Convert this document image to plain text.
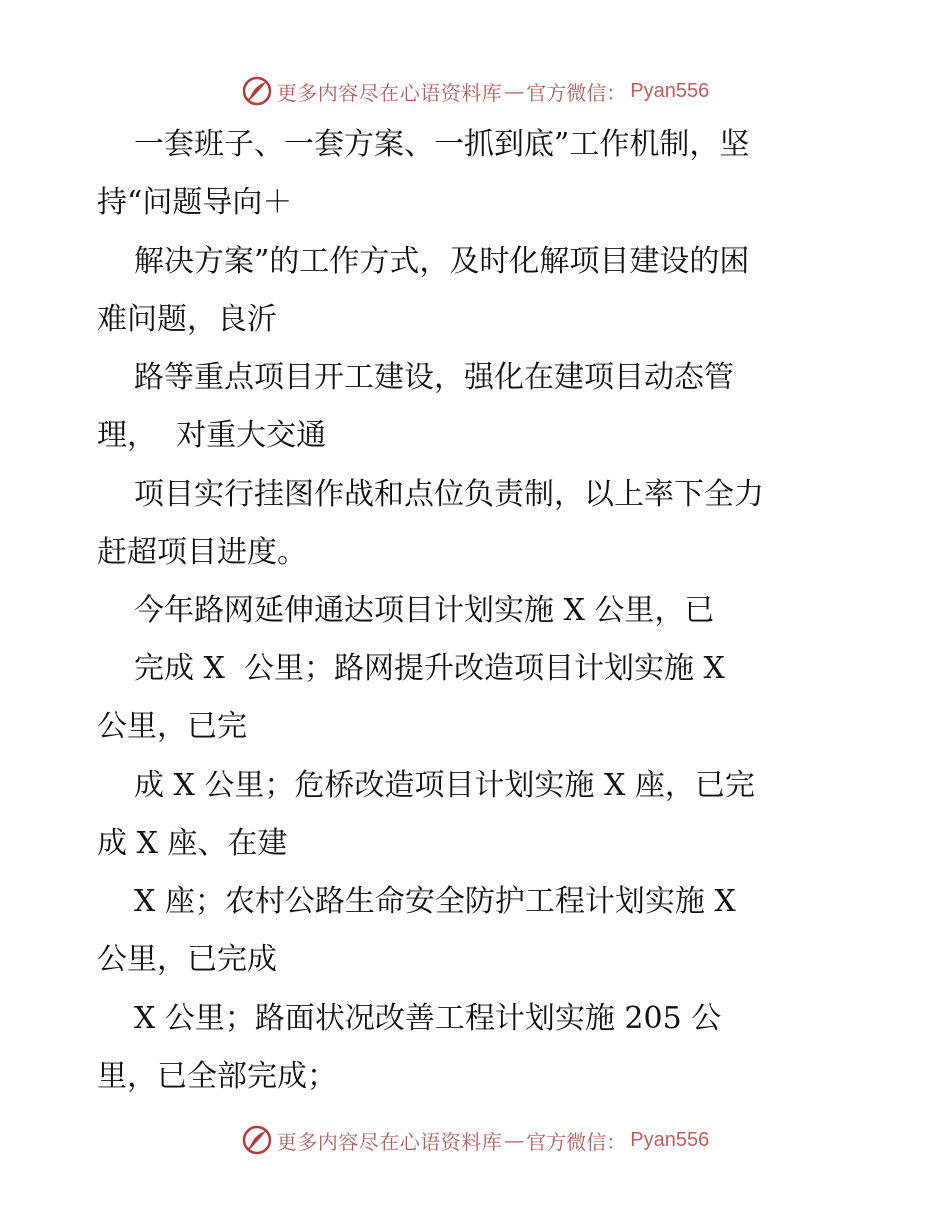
更多内容尽在心语资料库 — 官方微信： Pyan556
一套班子、一套方案、一抓到底”工作机制，坚
持“问题导向＋
解决方案”的工作方式，及时化解项目建设的困
难问题，良沂
路等重点项目开工建设，强化在建项目动态管
理，  对重大交通
项目实行挂图作战和点位负责制，以上率下全力
赶超项目进度。
今年路网延伸通达项目计划实施 X 公里，已
完成 X  公里；路网提升改造项目计划实施 X
公里，已完
成 X 公里；危桥改造项目计划实施 X 座，已完
成 X 座、在建
X 座；农村公路生命安全防护工程计划实施 X
公里，已完成
X 公里；路面状况改善工程计划实施 205 公
里，已全部完成；
更多内容尽在心语资料库 — 官方微信： Pyan556
